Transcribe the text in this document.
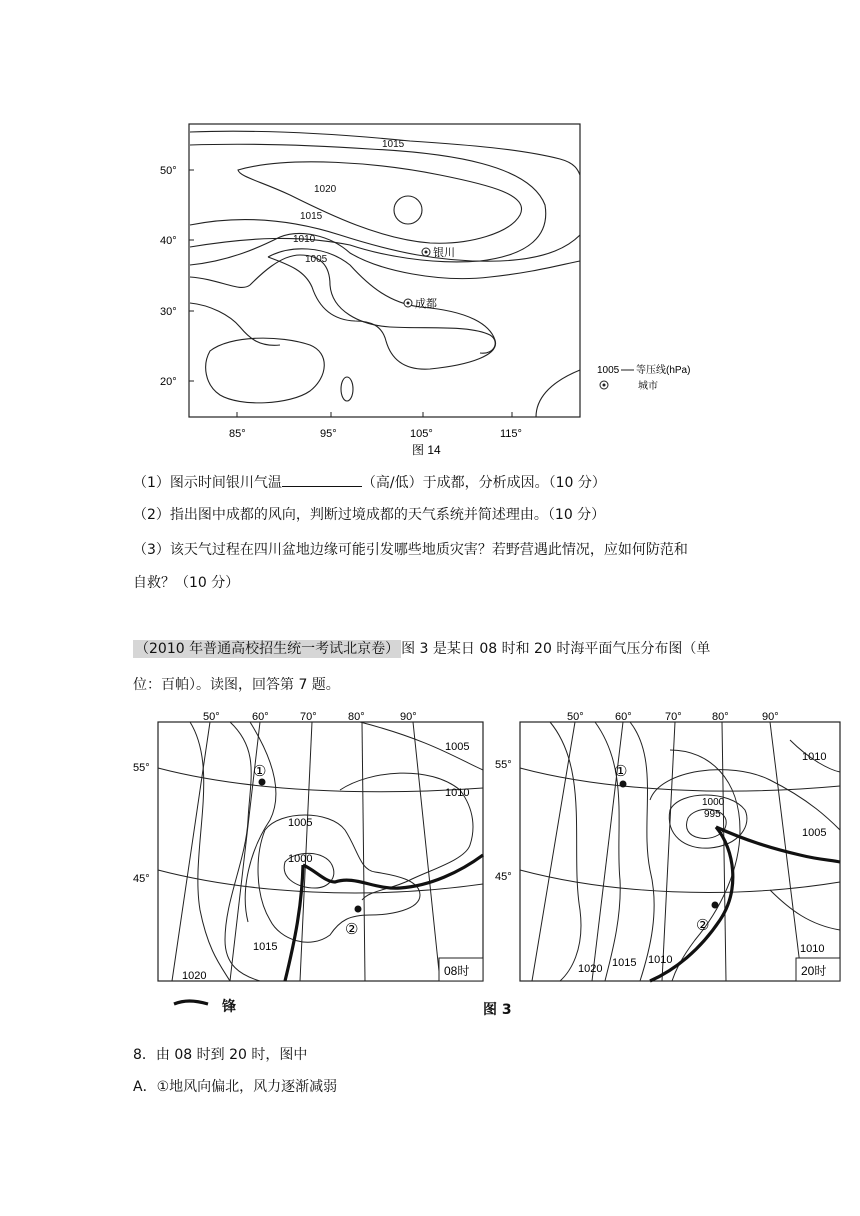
50°
40°
30°
20°
85°	95°	105°	115°
图 14
1015
1020
1015
1010
1005
银川
成都
1005 等压线(hPa)
城市
（1）图示时间银川气温	（高/低）于成都，分析成因。（10 分）
（2）指出图中成都的风向，判断过境成都的天气系统并简述理由。（10 分）
（3）该天气过程在四川盆地边缘可能引发哪些地质灾害？若野营遇此情况，应如何防范和
自救？（10 分）
（2010 年普通高校招生统一考试北京卷） 图 3 是某日 08 时和 20 时海平面气压分布图（单
位：百帕）。读图，回答第 7 题。
①
②
50°	60°	70°	80°	90°
55°
45°
1005
1010
1005
1000
1015
1020	08时
①
②
50°	60°	70°	80°	90°
55°
45°
1010
1000
995
1005
1010
1010
1015
1020	20时
锋	图 3
8．由 08 时到 20 时，图中
A．①地风向偏北，风力逐渐减弱
